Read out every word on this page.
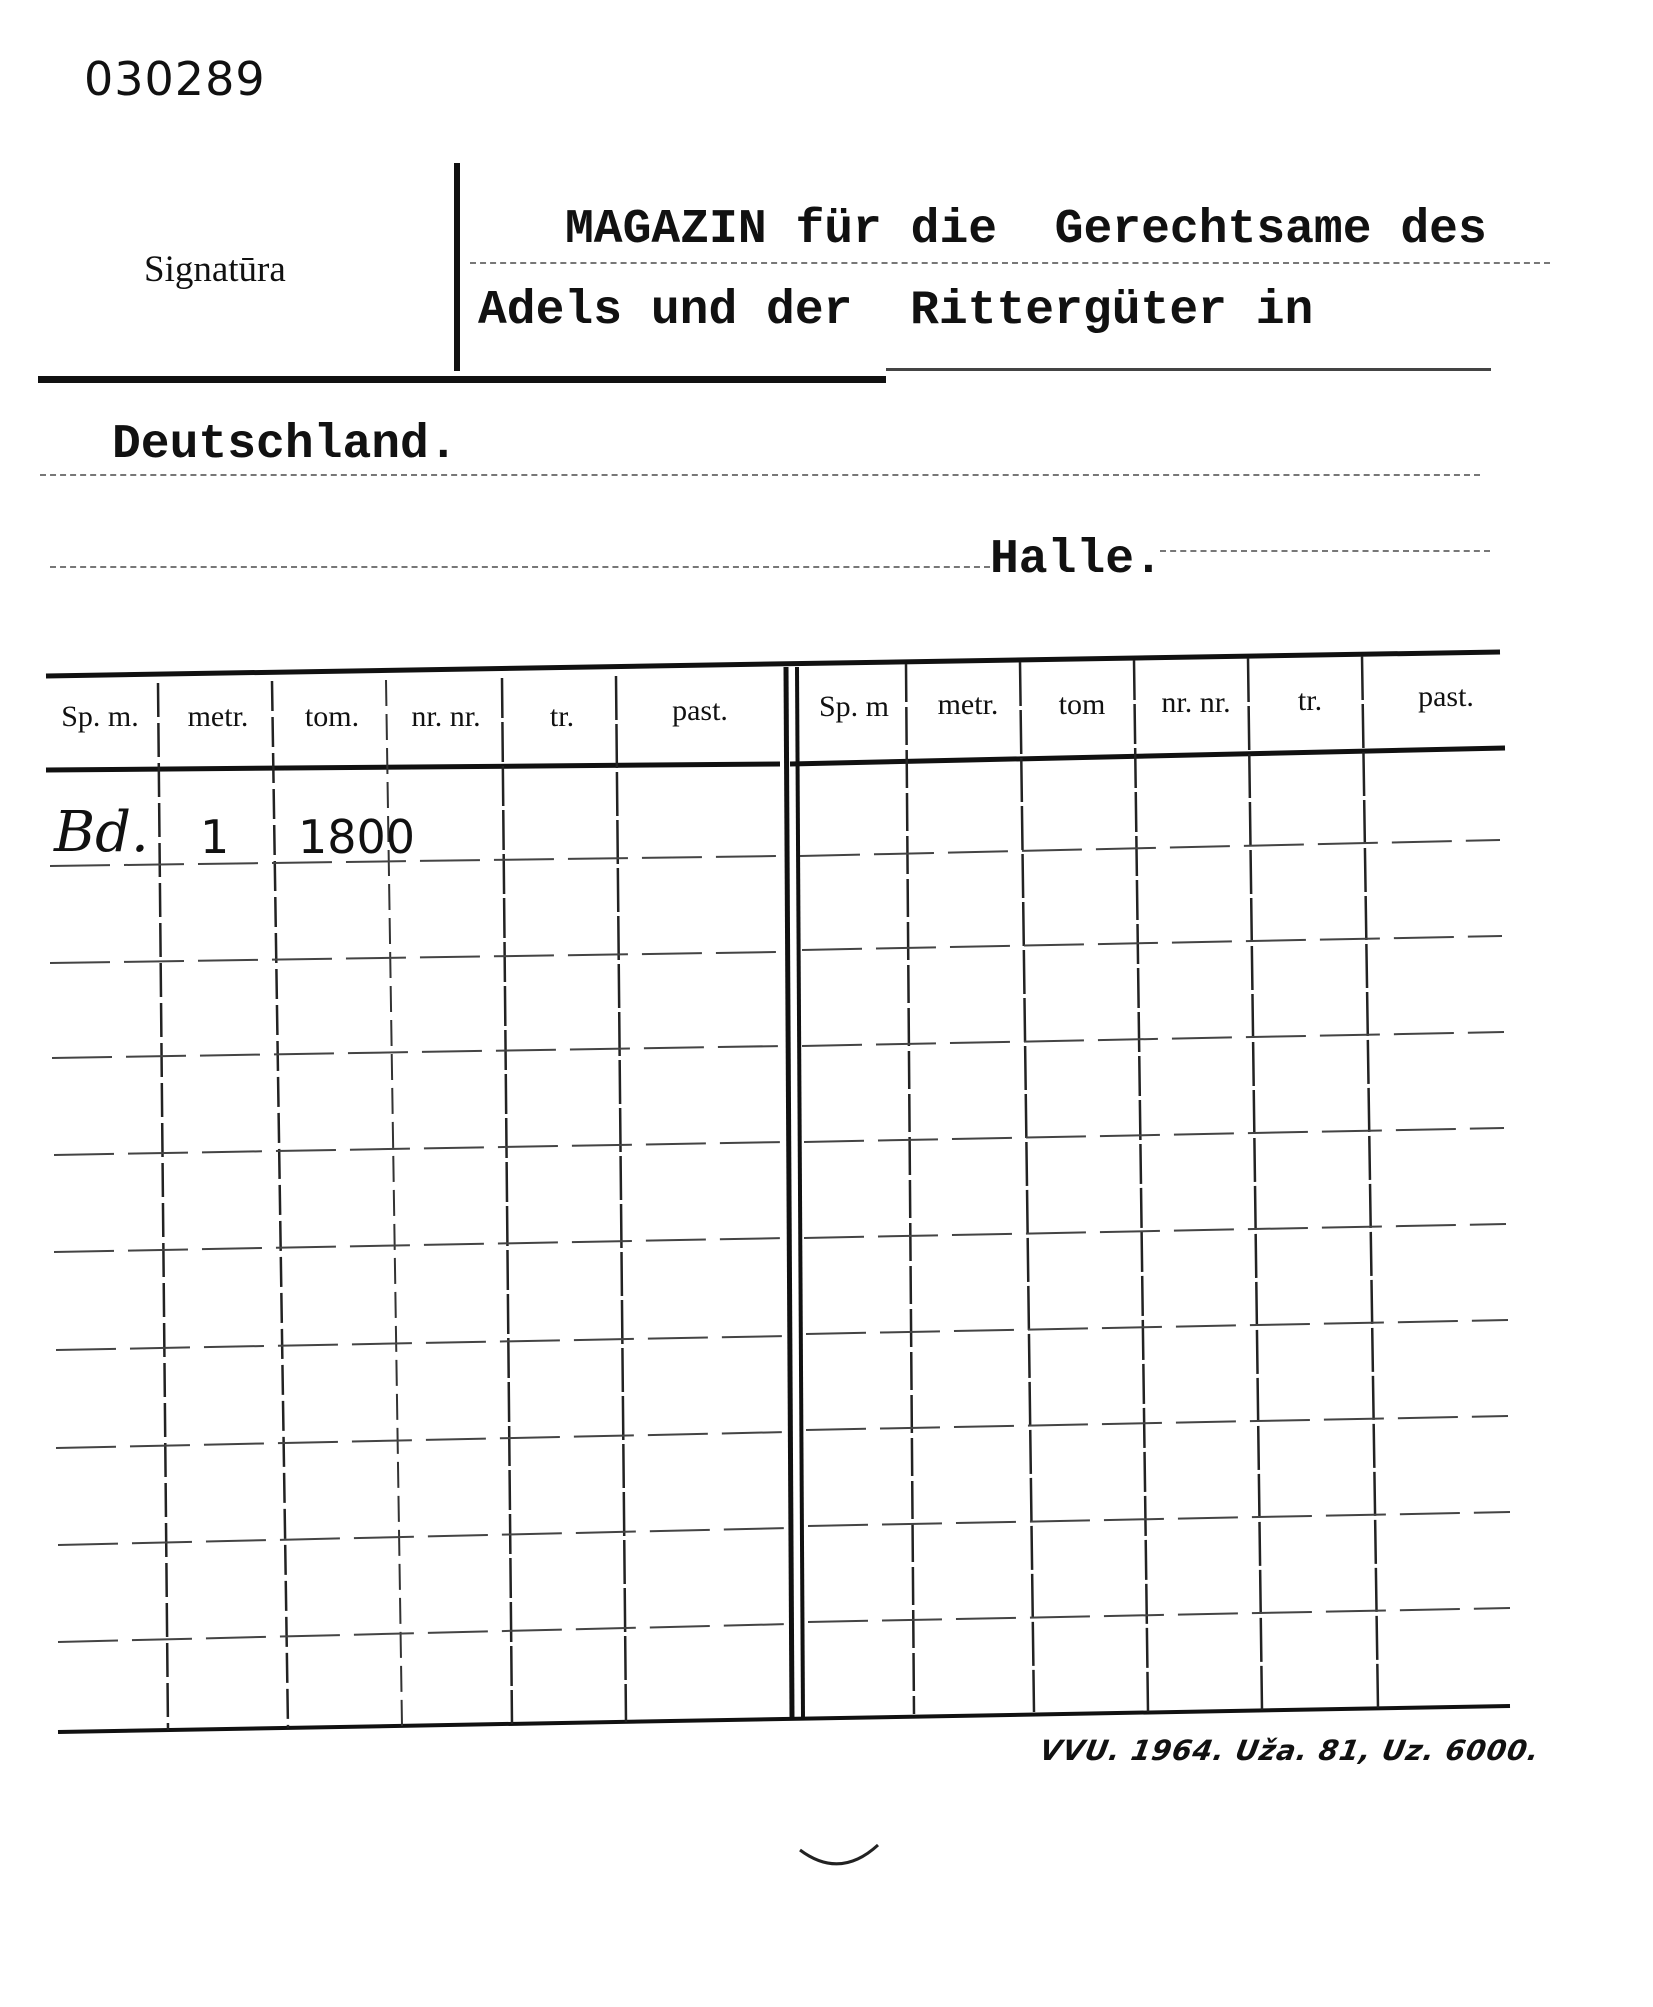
030289
Signatūra
MAGAZIN für die  Gerechtsame des
Adels und der  Rittergüter in
Deutschland.
Halle.
Sp. m.	metr.	tom.	nr. nr.	tr.	past.	Sp. m	metr.	tom	nr. nr.	tr.	past.
Bd. 1 1800
VVU. 1964. Uža. 81, Uz. 6000.
